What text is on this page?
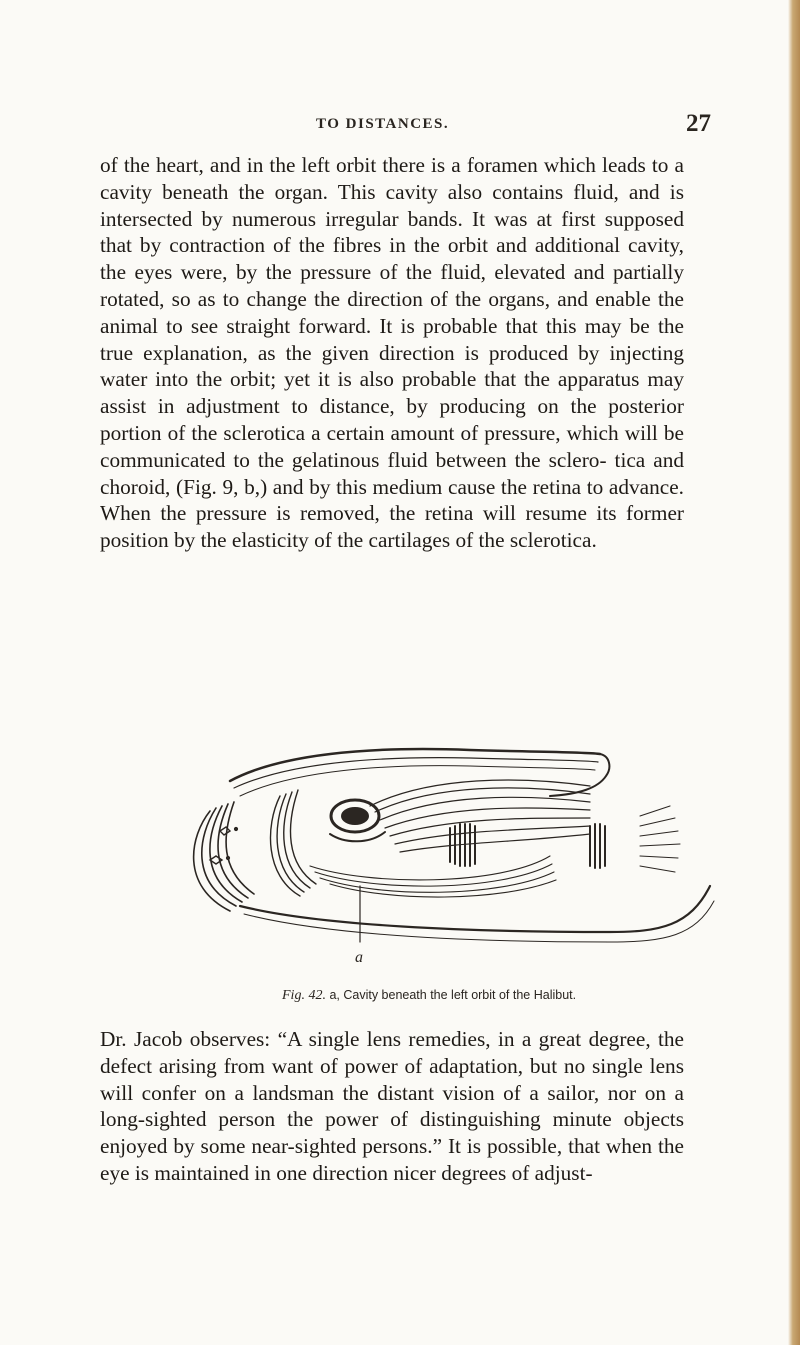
TO DISTANCES.	27

of the heart, and in the left orbit there is a foramen which leads to a cavity beneath the organ. This cavity also contains fluid, and is intersected by numerous irregular bands. It was at first supposed that by contraction of the fibres in the orbit and additional cavity, the eyes were, by the pressure of the fluid, elevated and partially rotated, so as to change the direction of the organs, and enable the animal to see straight forward. It is probable that this may be the true explanation, as the given direction is produced by injecting water into the orbit; yet it is also probable that the apparatus may assist in adjustment to distance, by producing on the posterior portion of the sclerotica a certain amount of pressure, which will be communicated to the gelatinous fluid between the sclero- tica and choroid, (Fig. 9, b,) and by this medium cause the retina to advance. When the pressure is removed, the retina will resume its former position by the elasticity of the cartilages of the sclerotica.

a
Fig. 42. a, Cavity beneath the left orbit of the Halibut.

Dr. Jacob observes: “A single lens remedies, in a great degree, the defect arising from want of power of adaptation, but no single lens will confer on a landsman the distant vision of a sailor, nor on a long-sighted person the power of distinguishing minute objects enjoyed by some near-sighted persons.” It is possible, that when the eye is maintained in one direction nicer degrees of adjust-
